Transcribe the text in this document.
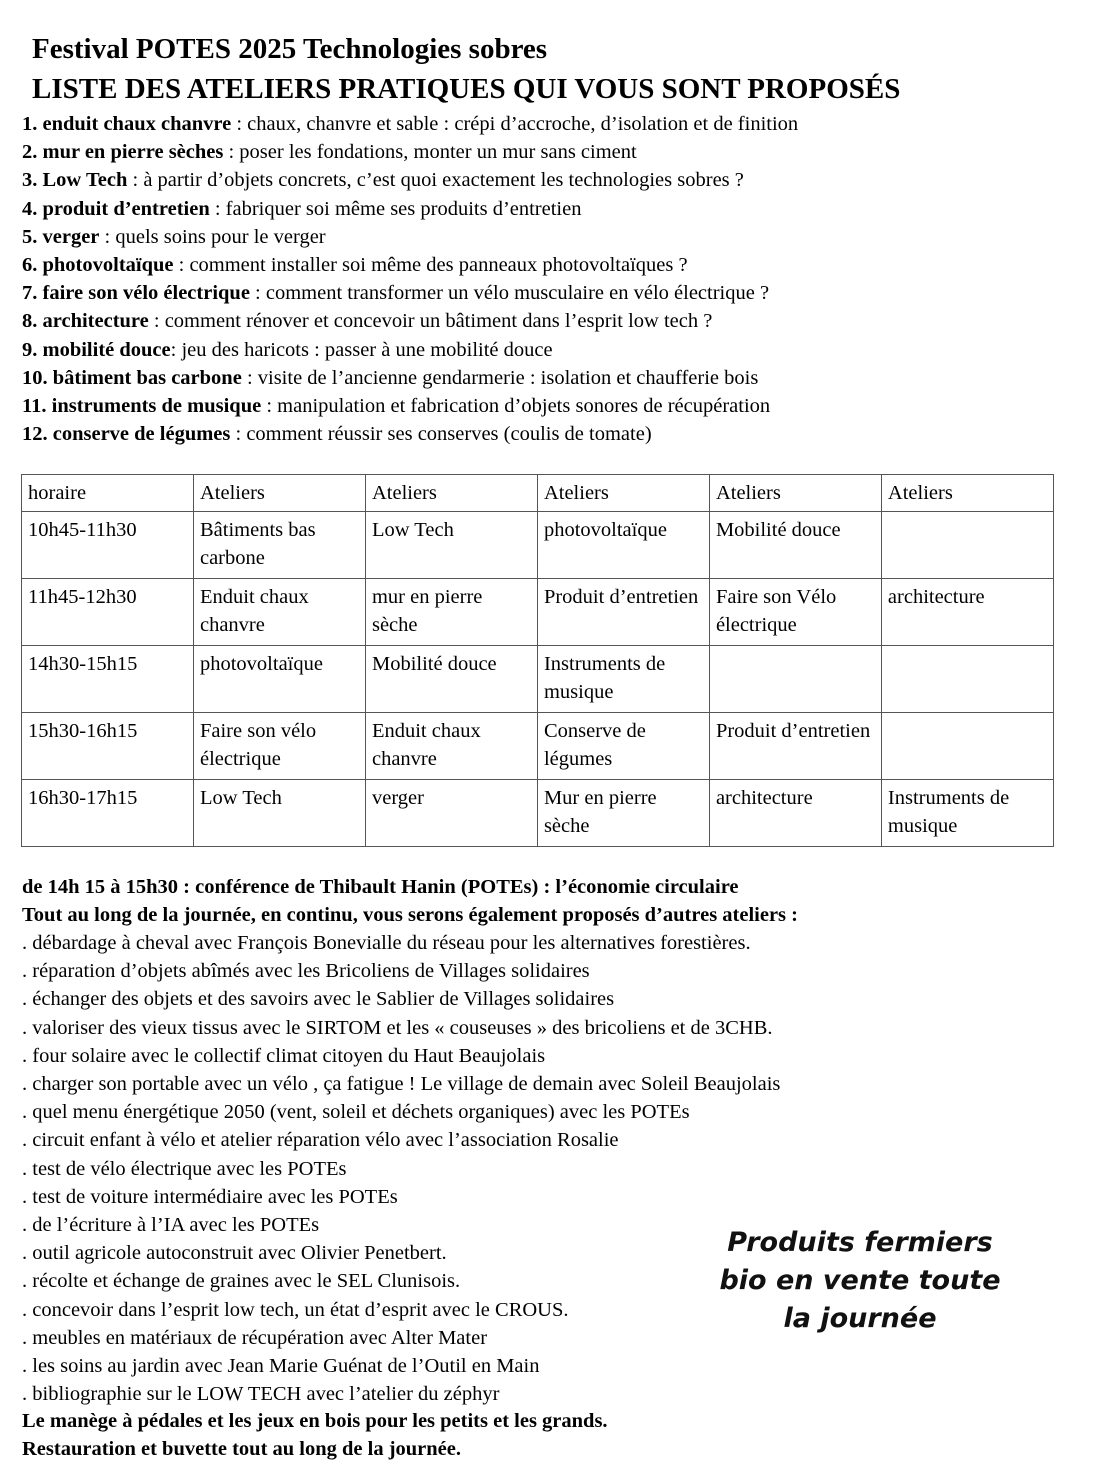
Festival POTES 2025 Technologies sobres
LISTE DES ATELIERS PRATIQUES QUI VOUS SONT PROPOSÉS
1. enduit chaux chanvre : chaux, chanvre et sable : crépi d’accroche, d’isolation et de finition
2. mur en pierre sèches : poser les fondations, monter un mur sans ciment
3. Low Tech : à partir d’objets concrets, c’est quoi exactement les technologies sobres ?
4. produit d’entretien : fabriquer soi même ses produits d’entretien
5. verger : quels soins pour le verger
6. photovoltaïque : comment installer soi même des panneaux photovoltaïques ?
7. faire son vélo électrique : comment transformer un vélo musculaire en vélo électrique ?
8. architecture : comment rénover et concevoir un bâtiment dans l’esprit low tech ?
9. mobilité douce: jeu des haricots : passer à une mobilité douce
10. bâtiment bas carbone : visite de l’ancienne gendarmerie : isolation et chaufferie bois
11. instruments de musique : manipulation et fabrication d’objets sonores de récupération
12. conserve de légumes : comment réussir ses conserves (coulis de tomate)
horaire	Ateliers	Ateliers	Ateliers	Ateliers	Ateliers
10h45-11h30	Bâtiments bas carbone	Low Tech	photovoltaïque	Mobilité douce	
11h45-12h30	Enduit chaux chanvre	mur en pierre sèche	Produit d’entretien	Faire son Vélo électrique	architecture
14h30-15h15	photovoltaïque	Mobilité douce	Instruments de musique		
15h30-16h15	Faire son vélo électrique	Enduit chaux chanvre	Conserve de légumes	Produit d’entretien	
16h30-17h15	Low Tech	verger	Mur en pierre sèche	architecture	Instruments de musique
de 14h 15 à 15h30 : conférence de Thibault Hanin (POTEs) : l’économie circulaire
Tout au long de la journée, en continu, vous serons également proposés d’autres ateliers :
. débardage à cheval avec François Bonevialle du réseau pour les alternatives forestières.
. réparation d’objets abîmés avec les Bricoliens de Villages solidaires
. échanger des objets et des savoirs avec le Sablier de Villages solidaires
. valoriser des vieux tissus avec le SIRTOM et les « couseuses » des bricoliens et de 3CHB.
. four solaire avec le collectif climat citoyen du Haut Beaujolais
. charger son portable avec un vélo , ça fatigue ! Le village de demain avec Soleil Beaujolais
. quel menu énergétique 2050 (vent, soleil et déchets organiques) avec les POTEs
. circuit enfant à vélo et atelier réparation vélo avec l’association Rosalie
. test de vélo électrique avec les POTEs
. test de voiture intermédiaire avec les POTEs
. de l’écriture à l’IA avec les POTEs
. outil agricole autoconstruit avec Olivier Penetbert.
. récolte et échange de graines avec le SEL Clunisois.
. concevoir dans l’esprit low tech, un état d’esprit avec le CROUS.
. meubles en matériaux de récupération avec Alter Mater
. les soins au jardin avec Jean Marie Guénat de l’Outil en Main
. bibliographie sur le LOW TECH avec l’atelier du zéphyr
Produits fermiers
bio en vente toute
la journée
Le manège à pédales et les jeux en bois pour les petits et les grands.
Restauration et buvette tout au long de la journée.
